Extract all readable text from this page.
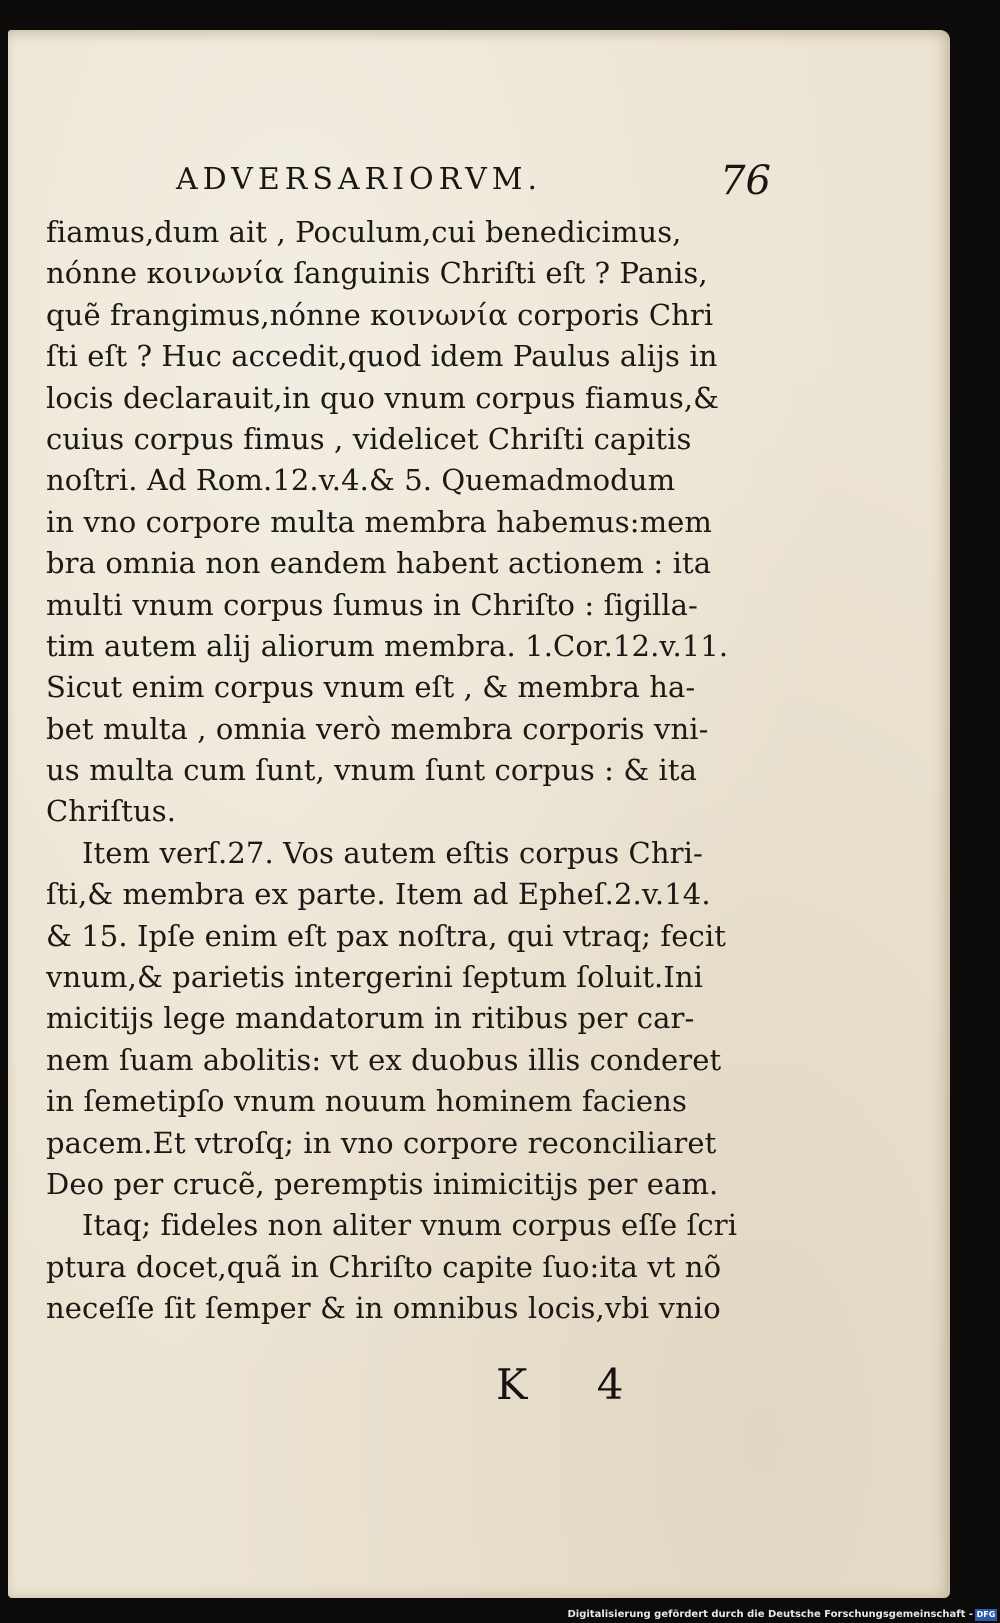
ADVERSARIORVM.	76
fiamus,dum ait , Poculum,cui benedicimus,
nónne κοινωνία ſanguinis Chriſti eſt ? Panis,
quẽ frangimus,nónne κοινωνία corporis Chri
ſti eſt ? Huc accedit,quod idem Paulus alijs in
locis declarauit,in quo vnum corpus fiamus,&
cuius corpus fimus , videlicet Chriſti capitis
noſtri. Ad Rom.12.v.4.& 5. Quemadmodum
in vno corpore multa membra habemus:mem
bra omnia non eandem habent actionem : ita
multi vnum corpus ſumus in Chriſto : ſigilla-
tim autem alij aliorum membra. 1.Cor.12.v.11.
Sicut enim corpus vnum eſt , & membra ha-
bet multa , omnia verò membra corporis vni-
us multa cum ſunt, vnum ſunt corpus : & ita
Chriſtus.
Item verſ.27. Vos autem eſtis corpus Chri-
ſti,& membra ex parte. Item ad Epheſ.2.v.14.
& 15. Ipſe enim eſt pax noſtra, qui vtraq; fecit
vnum,& parietis intergerini ſeptum ſoluit.Ini
micitijs lege mandatorum in ritibus per car-
nem ſuam abolitis: vt ex duobus illis conderet
in ſemetipſo vnum nouum hominem faciens
pacem.Et vtroſq; in vno corpore reconciliaret
Deo per crucẽ, peremptis inimicitijs per eam.
Itaq; fideles non aliter vnum corpus eſſe ſcri
ptura docet,quã in Chriſto capite ſuo:ita vt nõ
neceſſe ſit ſemper & in omnibus locis,vbi vnio
K 4
Digitalisierung gefördert durch die Deutsche Forschungsgemeinschaft - DFG
